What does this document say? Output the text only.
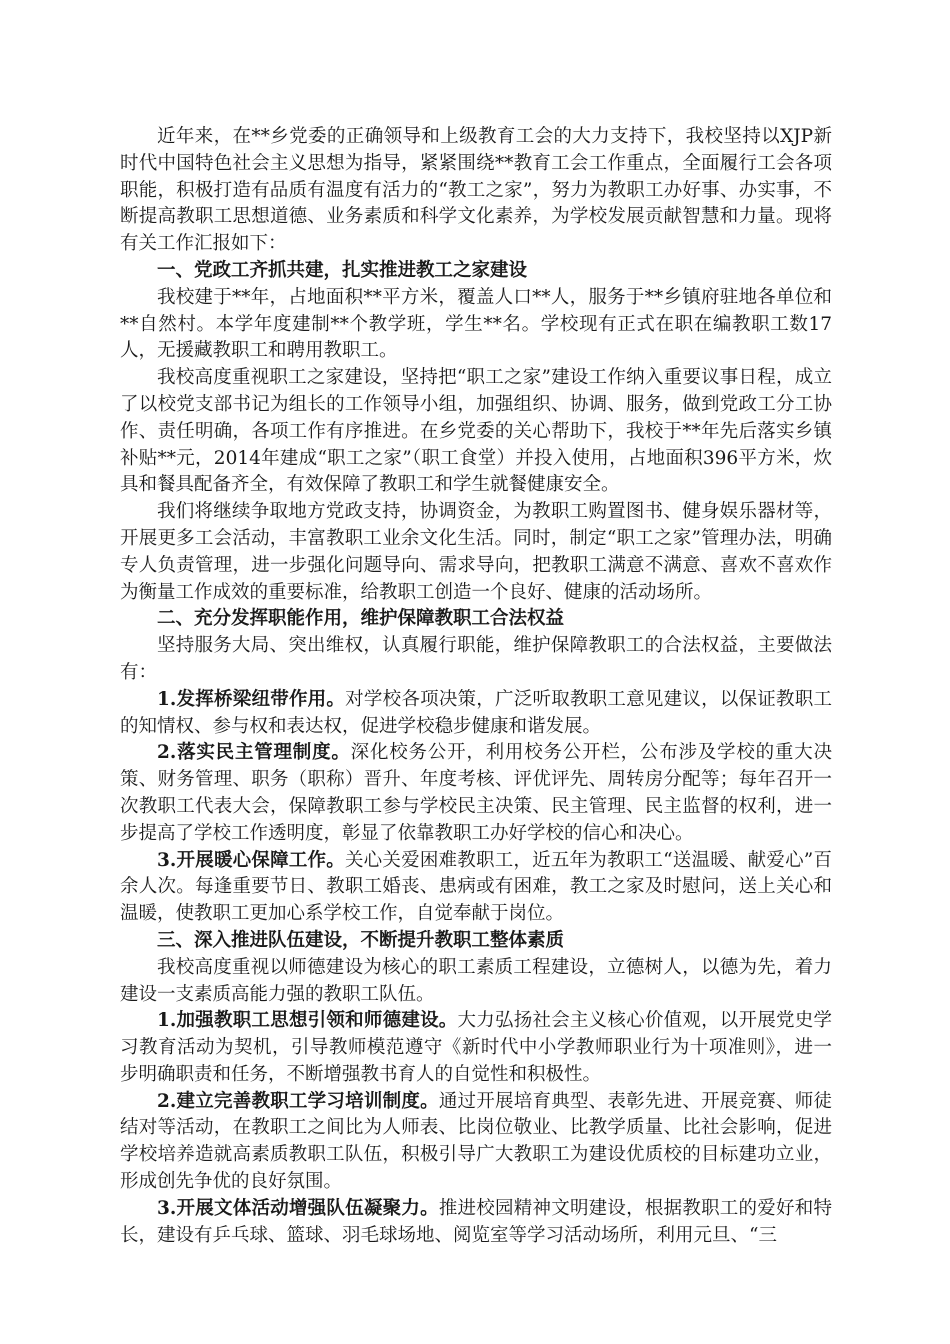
近年来，在**乡党委的正确领导和上级教育工会的大力支持下，我校坚持以XJP新时代中国特色社会主义思想为指导，紧紧围绕**教育工会工作重点，全面履行工会各项职能，积极打造有品质有温度有活力的“教工之家”，努力为教职工办好事、办实事，不断提高教职工思想道德、业务素质和科学文化素养，为学校发展贡献智慧和力量。现将有关工作汇报如下：

一、党政工齐抓共建，扎实推进教工之家建设

我校建于**年，占地面积**平方米，覆盖人口**人，服务于**乡镇府驻地各单位和**自然村。本学年度建制**个教学班，学生**名。学校现有正式在职在编教职工数17人，无援藏教职工和聘用教职工。

我校高度重视职工之家建设，坚持把“职工之家”建设工作纳入重要议事日程，成立了以校党支部书记为组长的工作领导小组，加强组织、协调、服务，做到党政工分工协作、责任明确，各项工作有序推进。在乡党委的关心帮助下，我校于**年先后落实乡镇补贴**元，2014年建成“职工之家”（职工食堂）并投入使用，占地面积396平方米，炊具和餐具配备齐全，有效保障了教职工和学生就餐健康安全。

我们将继续争取地方党政支持，协调资金，为教职工购置图书、健身娱乐器材等，开展更多工会活动，丰富教职工业余文化生活。同时，制定“职工之家”管理办法，明确专人负责管理，进一步强化问题导向、需求导向，把教职工满意不满意、喜欢不喜欢作为衡量工作成效的重要标准，给教职工创造一个良好、健康的活动场所。

二、充分发挥职能作用，维护保障教职工合法权益

坚持服务大局、突出维权，认真履行职能，维护保障教职工的合法权益，主要做法有：

1.发挥桥梁纽带作用。对学校各项决策，广泛听取教职工意见建议，以保证教职工的知情权、参与权和表达权，促进学校稳步健康和谐发展。

2.落实民主管理制度。深化校务公开，利用校务公开栏，公布涉及学校的重大决策、财务管理、职务（职称）晋升、年度考核、评优评先、周转房分配等；每年召开一次教职工代表大会，保障教职工参与学校民主决策、民主管理、民主监督的权利，进一步提高了学校工作透明度，彰显了依靠教职工办好学校的信心和决心。

3.开展暖心保障工作。关心关爱困难教职工，近五年为教职工“送温暖、献爱心”百余人次。每逢重要节日、教职工婚丧、患病或有困难，教工之家及时慰问，送上关心和温暖，使教职工更加心系学校工作，自觉奉献于岗位。

三、深入推进队伍建设，不断提升教职工整体素质

我校高度重视以师德建设为核心的职工素质工程建设，立德树人，以德为先，着力建设一支素质高能力强的教职工队伍。

1.加强教职工思想引领和师德建设。大力弘扬社会主义核心价值观，以开展党史学习教育活动为契机，引导教师模范遵守《新时代中小学教师职业行为十项准则》，进一步明确职责和任务，不断增强教书育人的自觉性和积极性。

2.建立完善教职工学习培训制度。通过开展培育典型、表彰先进、开展竞赛、师徒结对等活动，在教职工之间比为人师表、比岗位敬业、比教学质量、比社会影响，促进学校培养造就高素质教职工队伍，积极引导广大教职工为建设优质校的目标建功立业，形成创先争优的良好氛围。

3.开展文体活动增强队伍凝聚力。推进校园精神文明建设，根据教职工的爱好和特长，建设有乒乓球、篮球、羽毛球场地、阅览室等学习活动场所，利用元旦、“三
